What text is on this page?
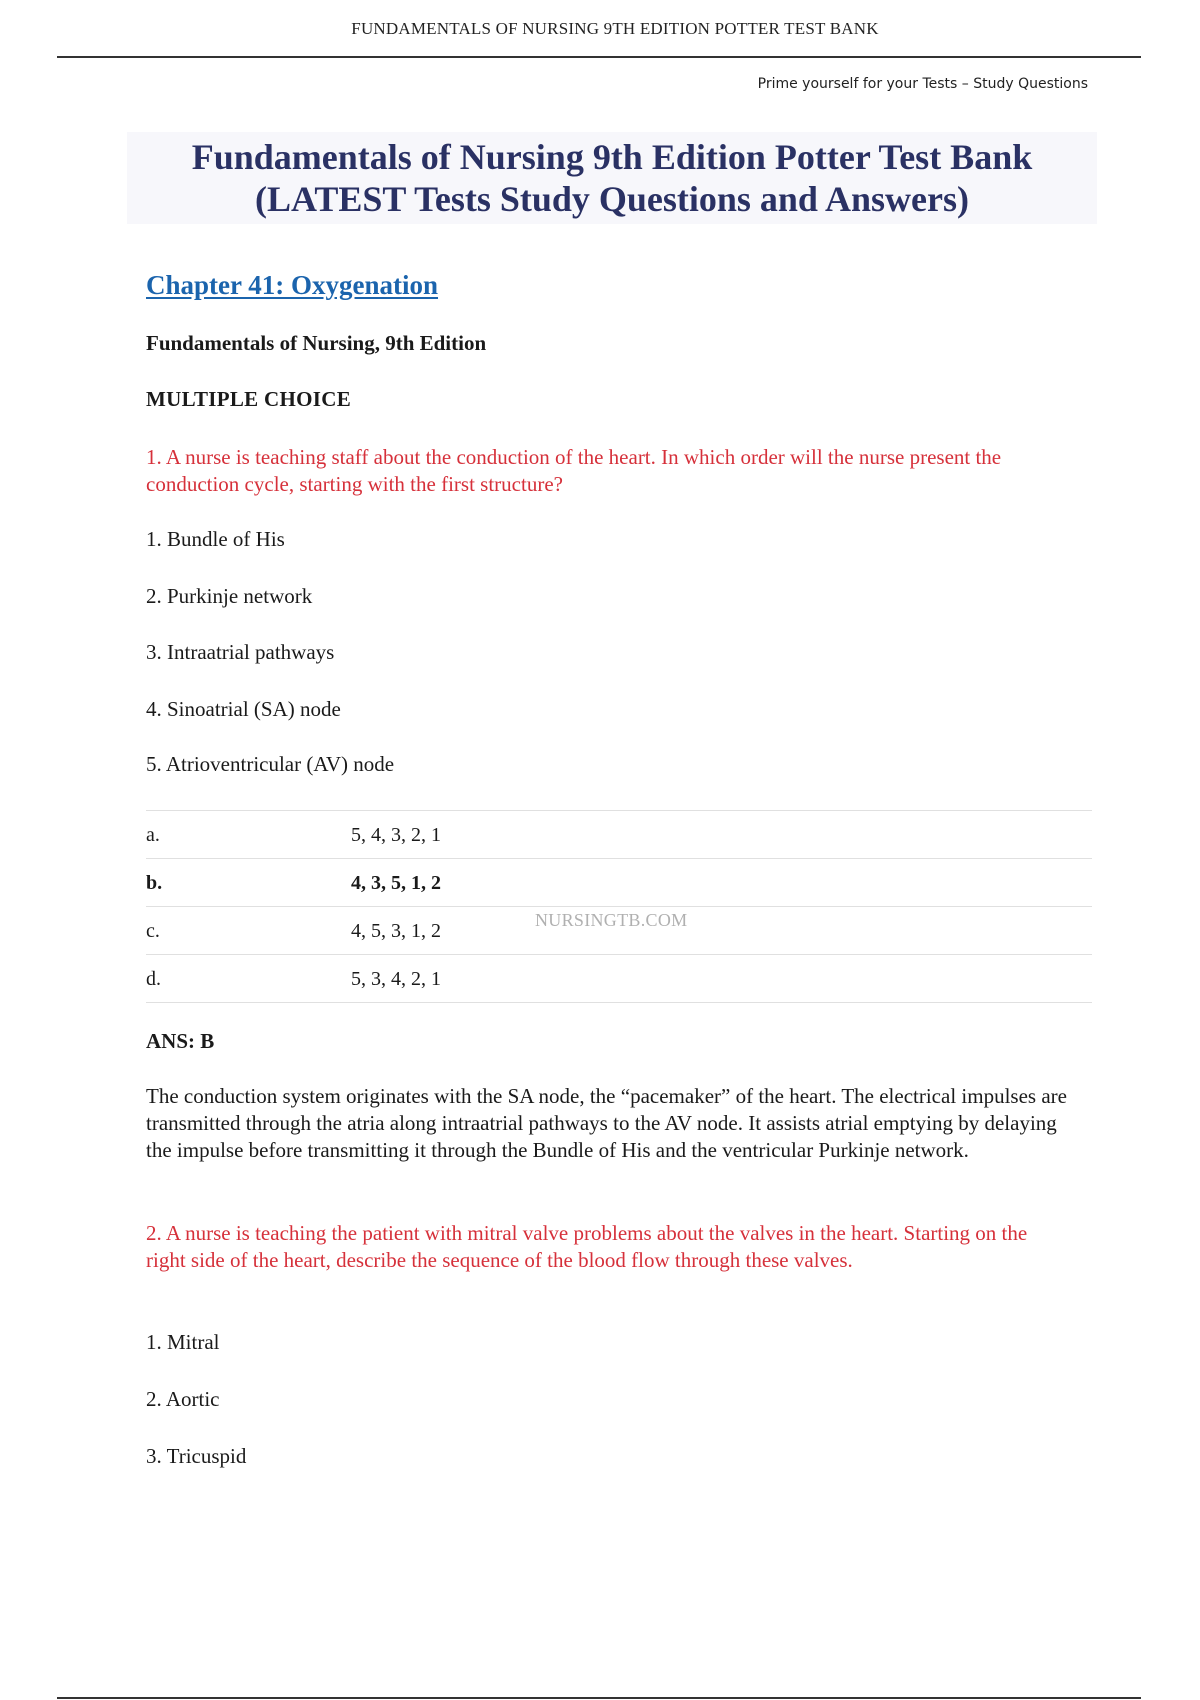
FUNDAMENTALS OF NURSING 9TH EDITION POTTER TEST BANK
Prime yourself for your Tests – Study Questions
Fundamentals of Nursing 9th Edition Potter Test Bank
(LATEST Tests Study Questions and Answers)
Chapter 41: Oxygenation
Fundamentals of Nursing, 9th Edition
MULTIPLE CHOICE
1. A nurse is teaching staff about the conduction of the heart. In which order will the nurse present the conduction cycle, starting with the first structure?
1. Bundle of His
2. Purkinje network
3. Intraatrial pathways
4. Sinoatrial (SA) node
5. Atrioventricular (AV) node
a.	5, 4, 3, 2, 1
b.	4, 3, 5, 1, 2
c.	4, 5, 3, 1, 2
d.	5, 3, 4, 2, 1
NURSINGTB.COM
ANS: B
The conduction system originates with the SA node, the “pacemaker” of the heart. The electrical impulses are transmitted through the atria along intraatrial pathways to the AV node. It assists atrial emptying by delaying the impulse before transmitting it through the Bundle of His and the ventricular Purkinje network.
2. A nurse is teaching the patient with mitral valve problems about the valves in the heart. Starting on the right side of the heart, describe the sequence of the blood flow through these valves.
1. Mitral
2. Aortic
3. Tricuspid
